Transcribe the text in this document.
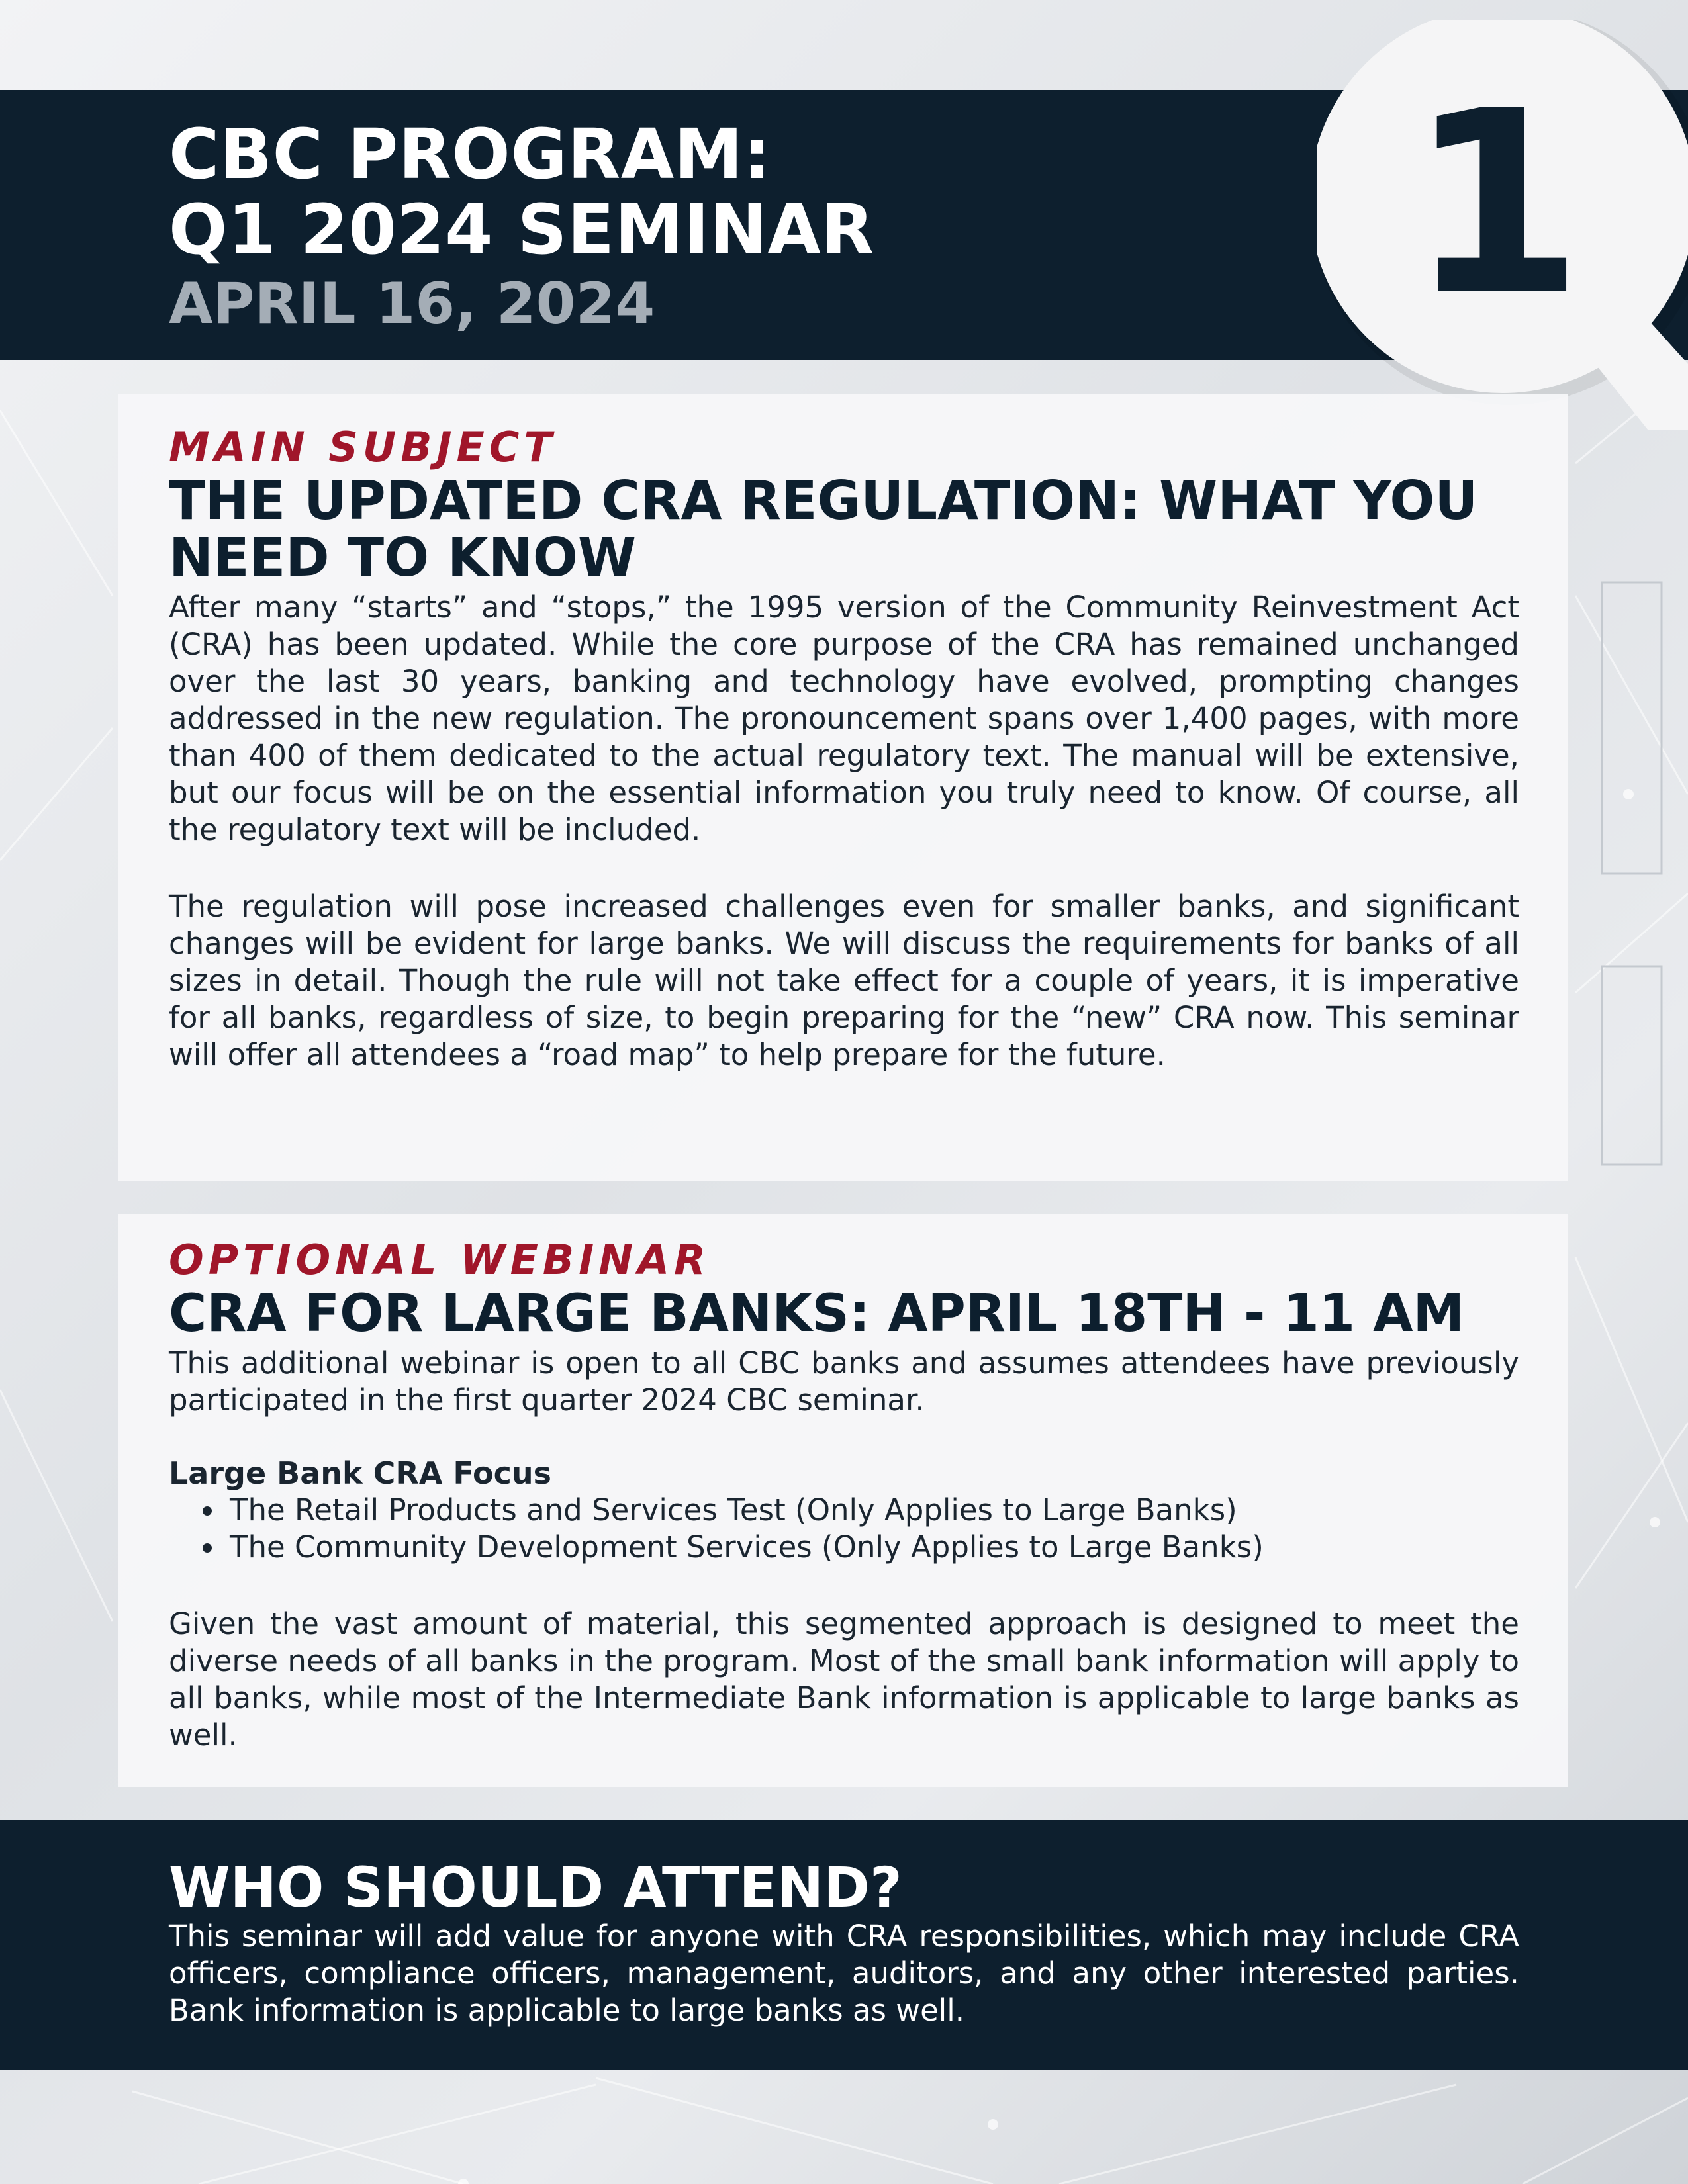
CBC PROGRAM:
Q1 2024 SEMINAR
APRIL 16, 2024	1
MAIN SUBJECT
THE UPDATED CRA REGULATION: WHAT YOU NEED TO KNOW

After many “starts” and “stops,” the 1995 version of the Community Reinvestment Act (CRA) has been updated. While the core purpose of the CRA has remained unchanged over the last 30 years, banking and technology have evolved, prompting changes addressed in the new regulation. The pronouncement spans over 1,400 pages, with more than 400 of them dedicated to the actual regulatory text. The manual will be extensive, but our focus will be on the essential information you truly need to know. Of course, all the regulatory text will be included.

The regulation will pose increased challenges even for smaller banks, and significant changes will be evident for large banks. We will discuss the requirements for banks of all sizes in detail. Though the rule will not take effect for a couple of years, it is imperative for all banks, regardless of size, to begin preparing for the “new” CRA now. This seminar will offer all attendees a “road map” to help prepare for the future.

OPTIONAL WEBINAR
CRA FOR LARGE BANKS: APRIL 18TH - 11 AM

This additional webinar is open to all CBC banks and assumes attendees have previously participated in the first quarter 2024 CBC seminar.

Large Bank CRA Focus
• The Retail Products and Services Test (Only Applies to Large Banks)
• The Community Development Services (Only Applies to Large Banks)

Given the vast amount of material, this segmented approach is designed to meet the diverse needs of all banks in the program. Most of the small bank information will apply to all banks, while most of the Intermediate Bank information is applicable to large banks as well.

WHO SHOULD ATTEND?
This seminar will add value for anyone with CRA responsibilities, which may include CRA officers, compliance officers, management, auditors, and any other interested parties. Bank information is applicable to large banks as well.
